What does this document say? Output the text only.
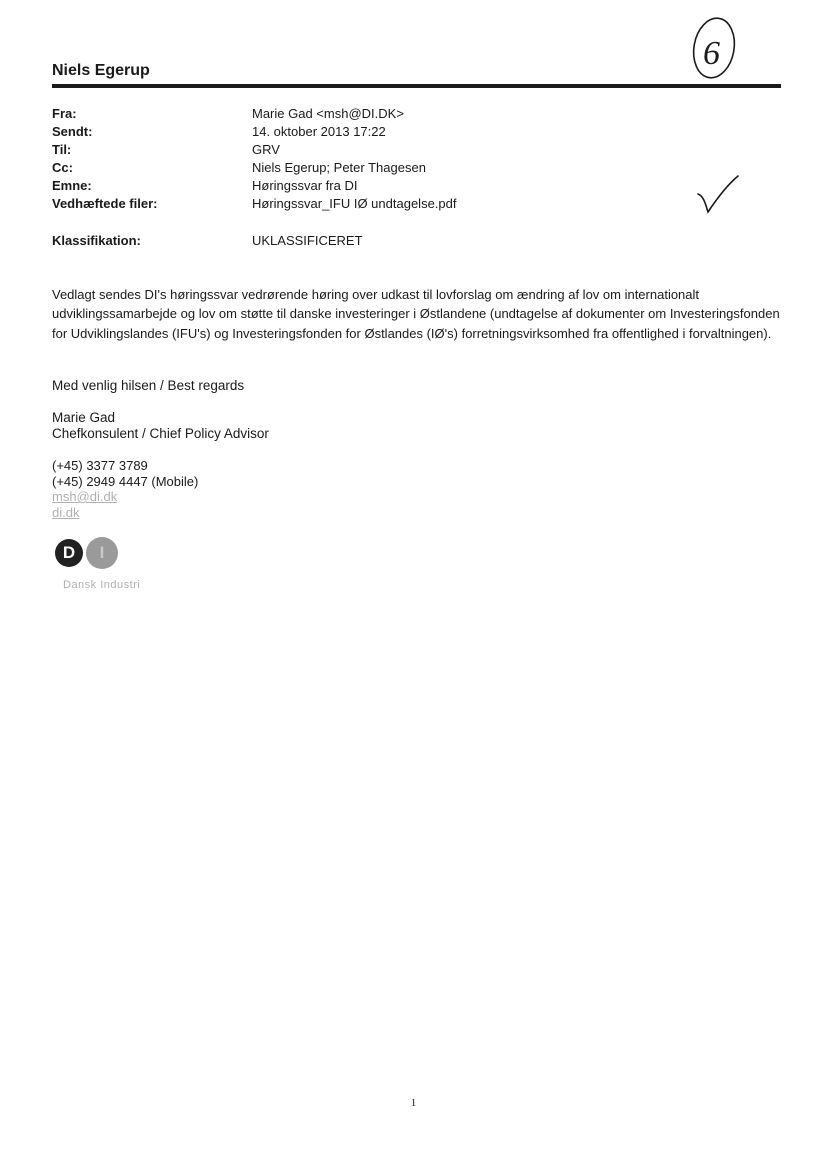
Niels Egerup	6
Fra:	Marie Gad <msh@DI.DK>
Sendt:	14. oktober 2013 17:22
Til:	GRV
Cc:	Niels Egerup; Peter Thagesen
Emne:	Høringssvar fra DI
Vedhæftede filer:	Høringssvar_IFU IØ undtagelse.pdf
Klassifikation:	UKLASSIFICERET
Vedlagt sendes DI's høringssvar vedrørende høring over udkast til lovforslag om ændring af lov om internationalt udviklingssamarbejde og lov om støtte til danske investeringer i Østlandene (undtagelse af dokumenter om Investeringsfonden for Udviklingslandes (IFU's) og Investeringsfonden for Østlandes (IØ's) forretningsvirksomhed fra offentlighed i forvaltningen).
Med venlig hilsen / Best regards
Marie Gad
Chefkonsulent / Chief Policy Advisor
(+45) 3377 3789
(+45) 2949 4447 (Mobile)
msh@di.dk
di.dk
D	I
Dansk Industri
1
